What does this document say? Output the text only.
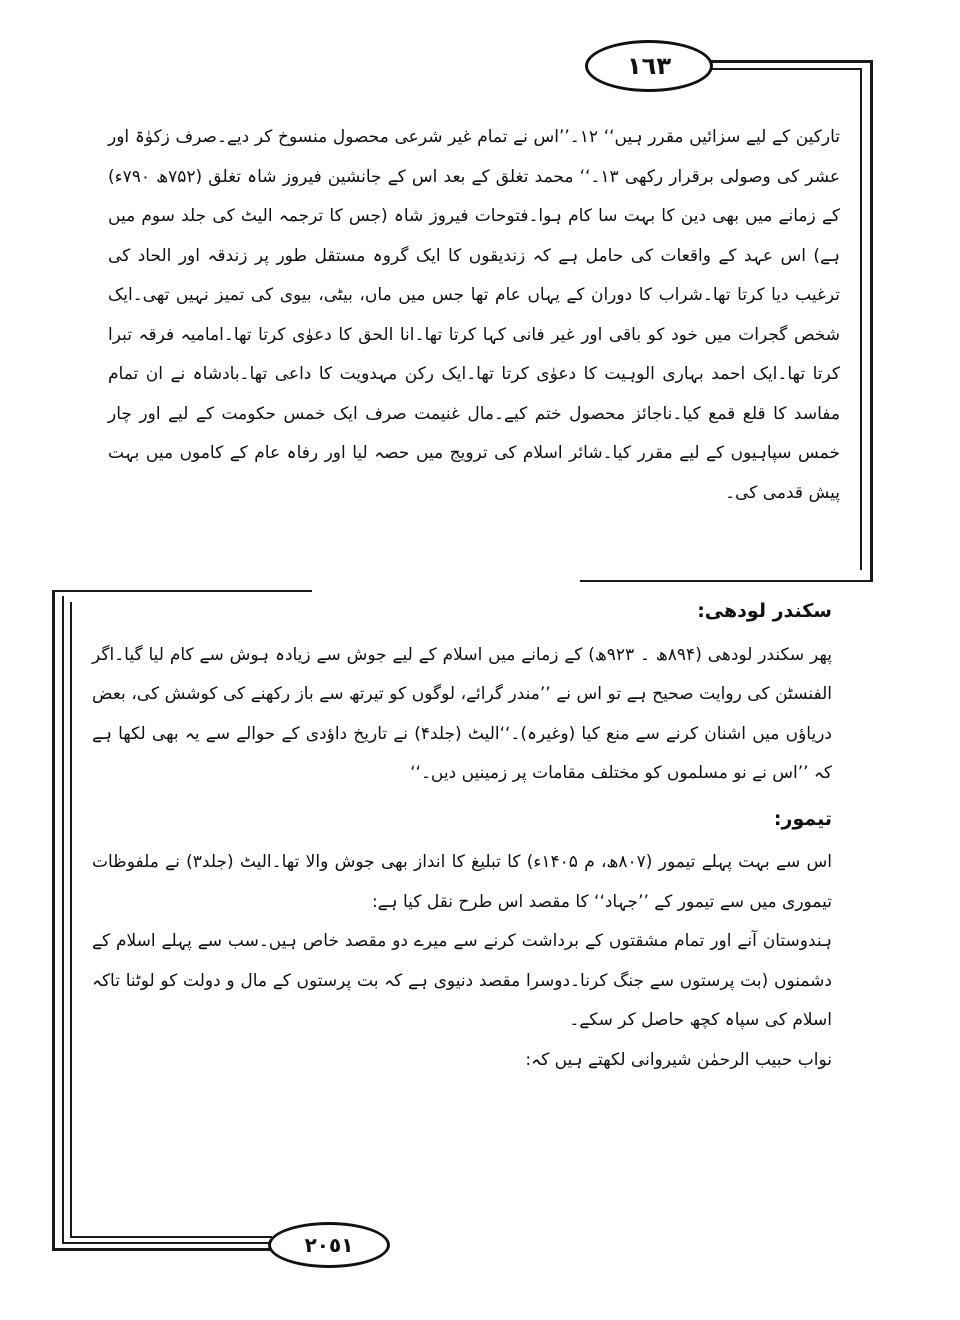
١٦٣
٢٠٥١

تارکین کے لیے سزائیں مقرر ہیں‘‘ ۱۲۔’’اس نے تمام غیر شرعی محصول منسوخ کر دیے۔صرف زکوٰۃ اور عشر کی وصولی برقرار رکھی ۱۳۔‘‘ محمد تغلق کے بعد اس کے جانشین فیروز شاہ تغلق (۷۵۲ھ ۷۹۰ء) کے زمانے میں بھی دین کا بہت سا کام ہوا۔فتوحات فیروز شاہ (جس کا ترجمہ الیٹ کی جلد سوم میں ہے) اس عہد کے واقعات کی حامل ہے کہ زندیقوں کا ایک گروہ مستقل طور پر زندقہ اور الحاد کی ترغیب دیا کرتا تھا۔شراب کا دوران کے یہاں عام تھا جس میں ماں، بیٹی، بیوی کی تمیز نہیں تھی۔ایک شخص گجرات میں خود کو باقی اور غیر فانی کہا کرتا تھا۔انا الحق کا دعوٰی کرتا تھا۔امامیہ فرقہ تبرا کرتا تھا۔ایک احمد بہاری الوہیت کا دعوٰی کرتا تھا۔ایک رکن مہدویت کا داعی تھا۔بادشاہ نے ان تمام مفاسد کا قلع قمع کیا۔ناجائز محصول ختم کیے۔مال غنیمت صرف ایک خمس حکومت کے لیے اور چار خمس سپاہیوں کے لیے مقرر کیا۔شائر اسلام کی ترویج میں حصہ لیا اور رفاہ عام کے کاموں میں بہت پیش قدمی کی۔

سکندر لودھی:

پھر سکندر لودھی (۸۹۴ھ ۔ ۹۲۳ھ) کے زمانے میں اسلام کے لیے جوش سے زیادہ ہوش سے کام لیا گیا۔اگر الفنسٹن کی روایت صحیح ہے تو اس نے ’’مندر گرائے، لوگوں کو تیرتھ سے باز رکھنے کی کوشش کی، بعض دریاؤں میں اشنان کرنے سے منع کیا (وغیرہ)۔‘‘الیٹ (جلد۴) نے تاریخ داؤدی کے حوالے سے یہ بھی لکھا ہے کہ ’’اس نے نو مسلموں کو مختلف مقامات پر زمینیں دیں۔‘‘

تیمور:

اس سے بہت پہلے تیمور (۸۰۷ھ، م ۱۴۰۵ء) کا تبلیغ کا انداز بھی جوش والا تھا۔الیٹ (جلد۳) نے ملفوظات تیموری میں سے تیمور کے ’’جہاد‘‘ کا مقصد اس طرح نقل کیا ہے:

ہندوستان آنے اور تمام مشقتوں کے برداشت کرنے سے میرے دو مقصد خاص ہیں۔سب سے پہلے اسلام کے دشمنوں (بت پرستوں سے جنگ کرنا۔دوسرا مقصد دنیوی ہے کہ بت پرستوں کے مال و دولت کو لوٹنا تاکہ اسلام کی سپاہ کچھ حاصل کر سکے۔

نواب حبیب الرحمٰن شیروانی لکھتے ہیں کہ:
